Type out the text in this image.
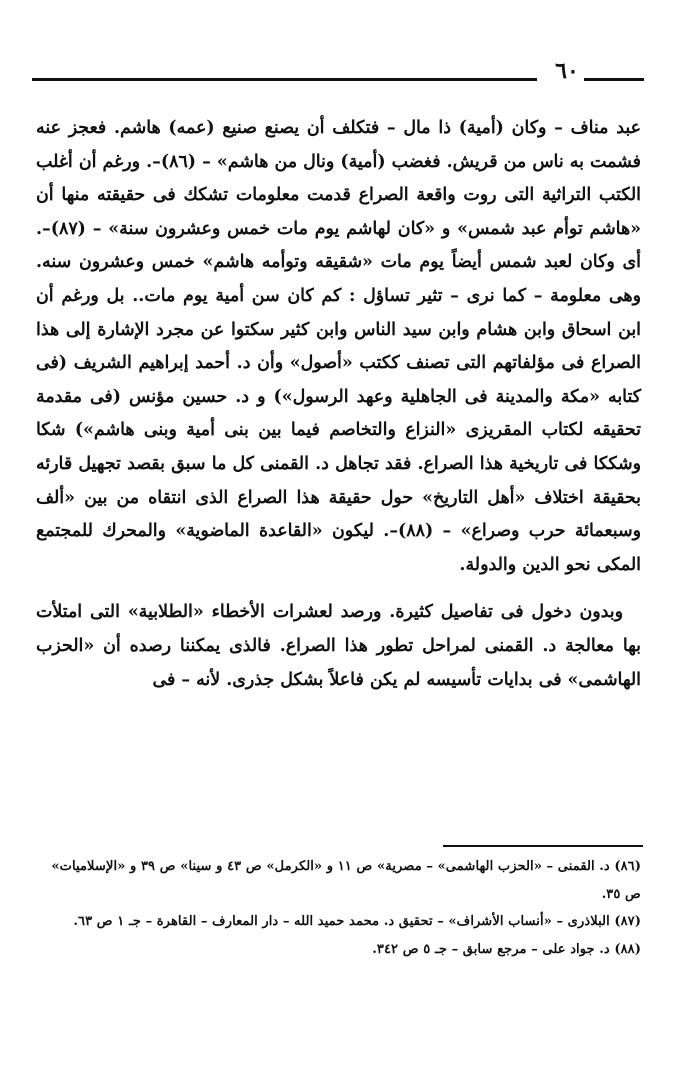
٦٠

عبد مناف – وكان (أمية) ذا مال – فتكلف أن يصنع صنيع (عمه) هاشم. فعجز عنه فشمت به ناس من قريش. فغضب (أمية) ونال من هاشم» – (٨٦)–. ورغم أن أغلب الكتب التراثية التى روت واقعة الصراع قدمت معلومات تشكك فى حقيقته منها أن «هاشم توأم عبد شمس» و «كان لهاشم يوم مات خمس وعشرون سنة» – (٨٧)–. أى وكان لعبد شمس أيضاً يوم مات «شقيقه وتوأمه هاشم» خمس وعشرون سنه. وهى معلومة – كما نرى – تثير تساؤل : كم كان سن أمية يوم مات.. بل ورغم أن ابن اسحاق وابن هشام وابن سيد الناس وابن كثير سكتوا عن مجرد الإشارة إلى هذا الصراع فى مؤلفاتهم التى تصنف ككتب «أصول» وأن د. أحمد إبراهيم الشريف (فى كتابه «مكة والمدينة فى الجاهلية وعهد الرسول») و د. حسين مؤنس (فى مقدمة تحقيقه لكتاب المقريزى «النزاع والتخاصم فيما بين بنى أمية وبنى هاشم») شكا وشككا فى تاريخية هذا الصراع. فقد تجاهل د. القمنى كل ما سبق بقصد تجهيل قارئه بحقيقة اختلاف «أهل التاريخ» حول حقيقة هذا الصراع الذى انتقاه من بين «ألف وسبعمائة حرب وصراع» – (٨٨)–. ليكون «القاعدة الماضوية» والمحرك للمجتمع المكى نحو الدين والدولة.

وبدون دخول فى تفاصيل كثيرة. ورصد لعشرات الأخطاء «الطلابية» التى امتلأت بها معالجة د. القمنى لمراحل تطور هذا الصراع. فالذى يمكننا رصده أن «الحزب الهاشمى» فى بدايات تأسيسه لم يكن فاعلاً بشكل جذرى. لأنه – فى

(٨٦) د. القمنى – «الحزب الهاشمى» – مصرية» ص ١١ و «الكرمل» ص ٤٣ و سينا» ص ٣٩ و «الإسلاميات» ص ٣٥.

(٨٧) البلاذرى – «أنساب الأشراف» – تحقيق د. محمد حميد الله – دار المعارف – القاهرة – جـ ١ ص ٦٣.

(٨٨) د. جواد على – مرجع سابق – جـ ٥ ص ٣٤٢.
